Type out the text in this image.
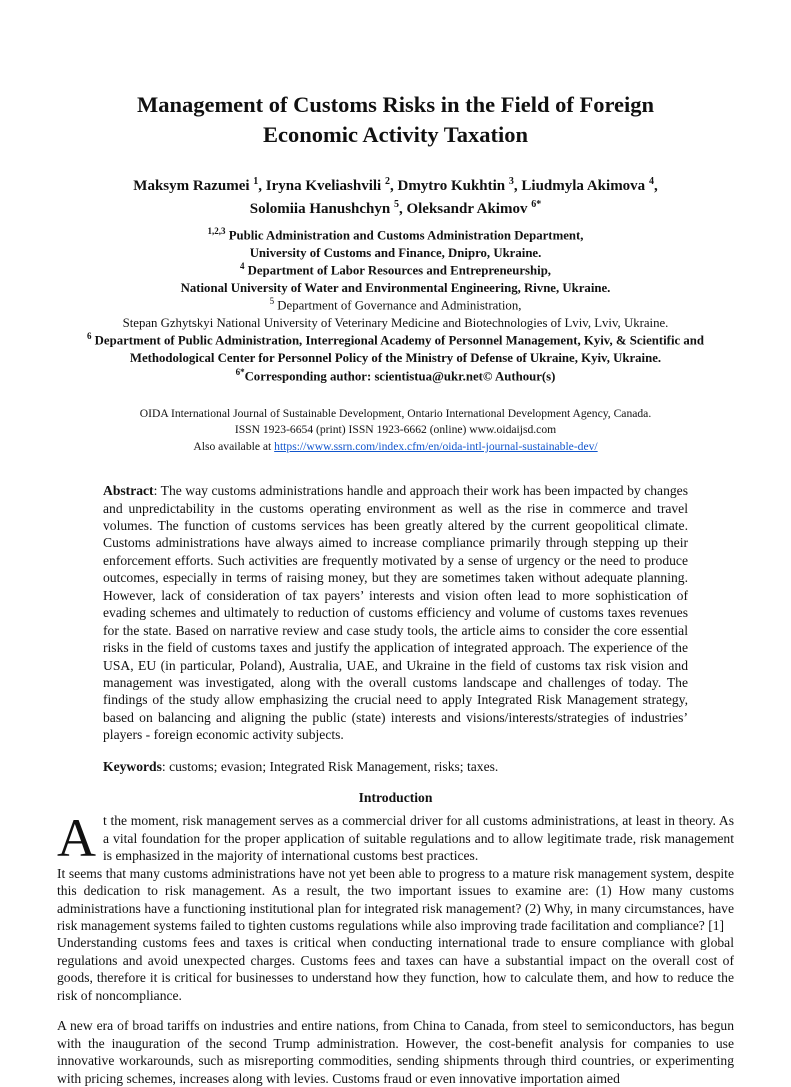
Management of Customs Risks in the Field of Foreign Economic Activity Taxation
Maksym Razumei $^1$, Iryna Kveliashvili $^2$, Dmytro Kukhtin $^3$, Liudmyla Akimova $^4$,
Solomiia Hanushchyn $^5$, Oleksandr Akimov $^{6*}$
$^{1,2,3}$ Public Administration and Customs Administration Department,
University of Customs and Finance, Dnipro, Ukraine.
$^4$ Department of Labor Resources and Entrepreneurship,
National University of Water and Environmental Engineering, Rivne, Ukraine.
$^5$ Department of Governance and Administration,
Stepan Gzhytskyi National University of Veterinary Medicine and Biotechnologies of Lviv, Lviv, Ukraine.
$^6$ Department of Public Administration, Interregional Academy of Personnel Management, Kyiv, & Scientific and Methodological Center for Personnel Policy of the Ministry of Defense of Ukraine, Kyiv, Ukraine.
$^{6*}$Corresponding author: scientistua@ukr.net© Authour(s)
OIDA International Journal of Sustainable Development, Ontario International Development Agency, Canada.
ISSN 1923-6654 (print) ISSN 1923-6662 (online) www.oidaijsd.com
Also available at https://www.ssrn.com/index.cfm/en/oida-intl-journal-sustainable-dev/

Abstract: The way customs administrations handle and approach their work has been impacted by changes and unpredictability in the customs operating environment as well as the rise in commerce and travel volumes. The function of customs services has been greatly altered by the current geopolitical climate. Customs administrations have always aimed to increase compliance primarily through stepping up their enforcement efforts. Such activities are frequently motivated by a sense of urgency or the need to produce outcomes, especially in terms of raising money, but they are sometimes taken without adequate planning. However, lack of consideration of tax payers’ interests and vision often lead to more sophistication of evading schemes and ultimately to reduction of customs efficiency and volume of customs taxes revenues for the state. Based on narrative review and case study tools, the article aims to consider the core essential risks in the field of customs taxes and justify the application of integrated approach. The experience of the USA, EU (in particular, Poland), Australia, UAE, and Ukraine in the field of customs tax risk vision and management was investigated, along with the overall customs landscape and challenges of today. The findings of the study allow emphasizing the crucial need to apply Integrated Risk Management strategy, based on balancing and aligning the public (state) interests and visions/interests/strategies of industries’ players - foreign economic activity subjects.

Keywords: customs; evasion; Integrated Risk Management, risks; taxes.

Introduction

At the moment, risk management serves as a commercial driver for all customs administrations, at least in theory. As a vital foundation for the proper application of suitable regulations and to allow legitimate trade, risk management is emphasized in the majority of international customs best practices.

It seems that many customs administrations have not yet been able to progress to a mature risk management system, despite this dedication to risk management. As a result, the two important issues to examine are: (1) How many customs administrations have a functioning institutional plan for integrated risk management? (2) Why, in many circumstances, have risk management systems failed to tighten customs regulations while also improving trade facilitation and compliance? [1]

Understanding customs fees and taxes is critical when conducting international trade to ensure compliance with global regulations and avoid unexpected charges. Customs fees and taxes can have a substantial impact on the overall cost of goods, therefore it is critical for businesses to understand how they function, how to calculate them, and how to reduce the risk of noncompliance.

A new era of broad tariffs on industries and entire nations, from China to Canada, from steel to semiconductors, has begun with the inauguration of the second Trump administration. However, the cost-benefit analysis for companies to use innovative workarounds, such as misreporting commodities, sending shipments through third countries, or experimenting with pricing schemes, increases along with levies. Customs fraud or even innovative importation aimed
